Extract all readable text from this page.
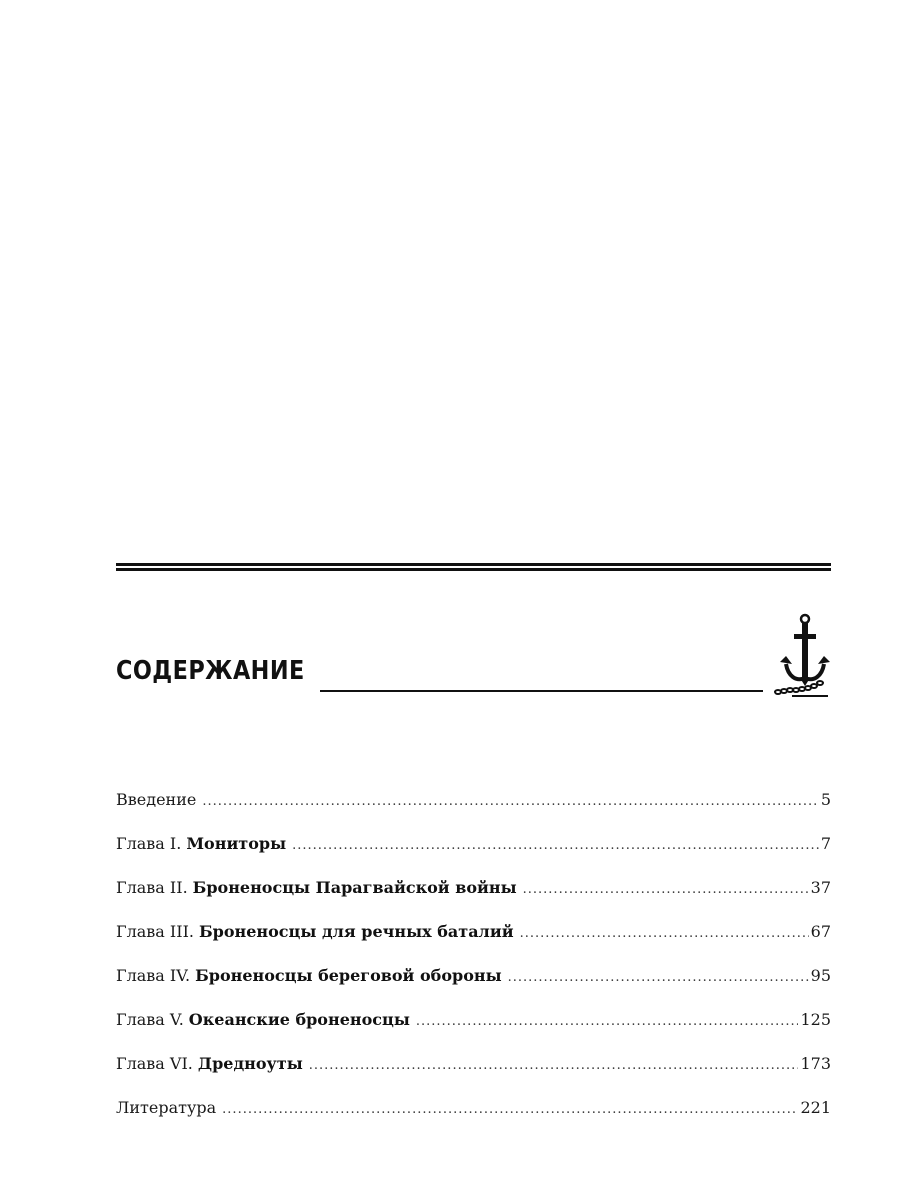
СОДЕРЖАНИЕ
Введение .....	5
Глава I. Мониторы .....	7
Глава II. Броненосцы Парагвайской войны .....	37
Глава III. Броненосцы для речных баталий .....	67
Глава IV. Броненосцы береговой обороны .....	95
Глава V. Океанские броненосцы .....	125
Глава VI. Дредноуты .....	173
Литература .....	221
